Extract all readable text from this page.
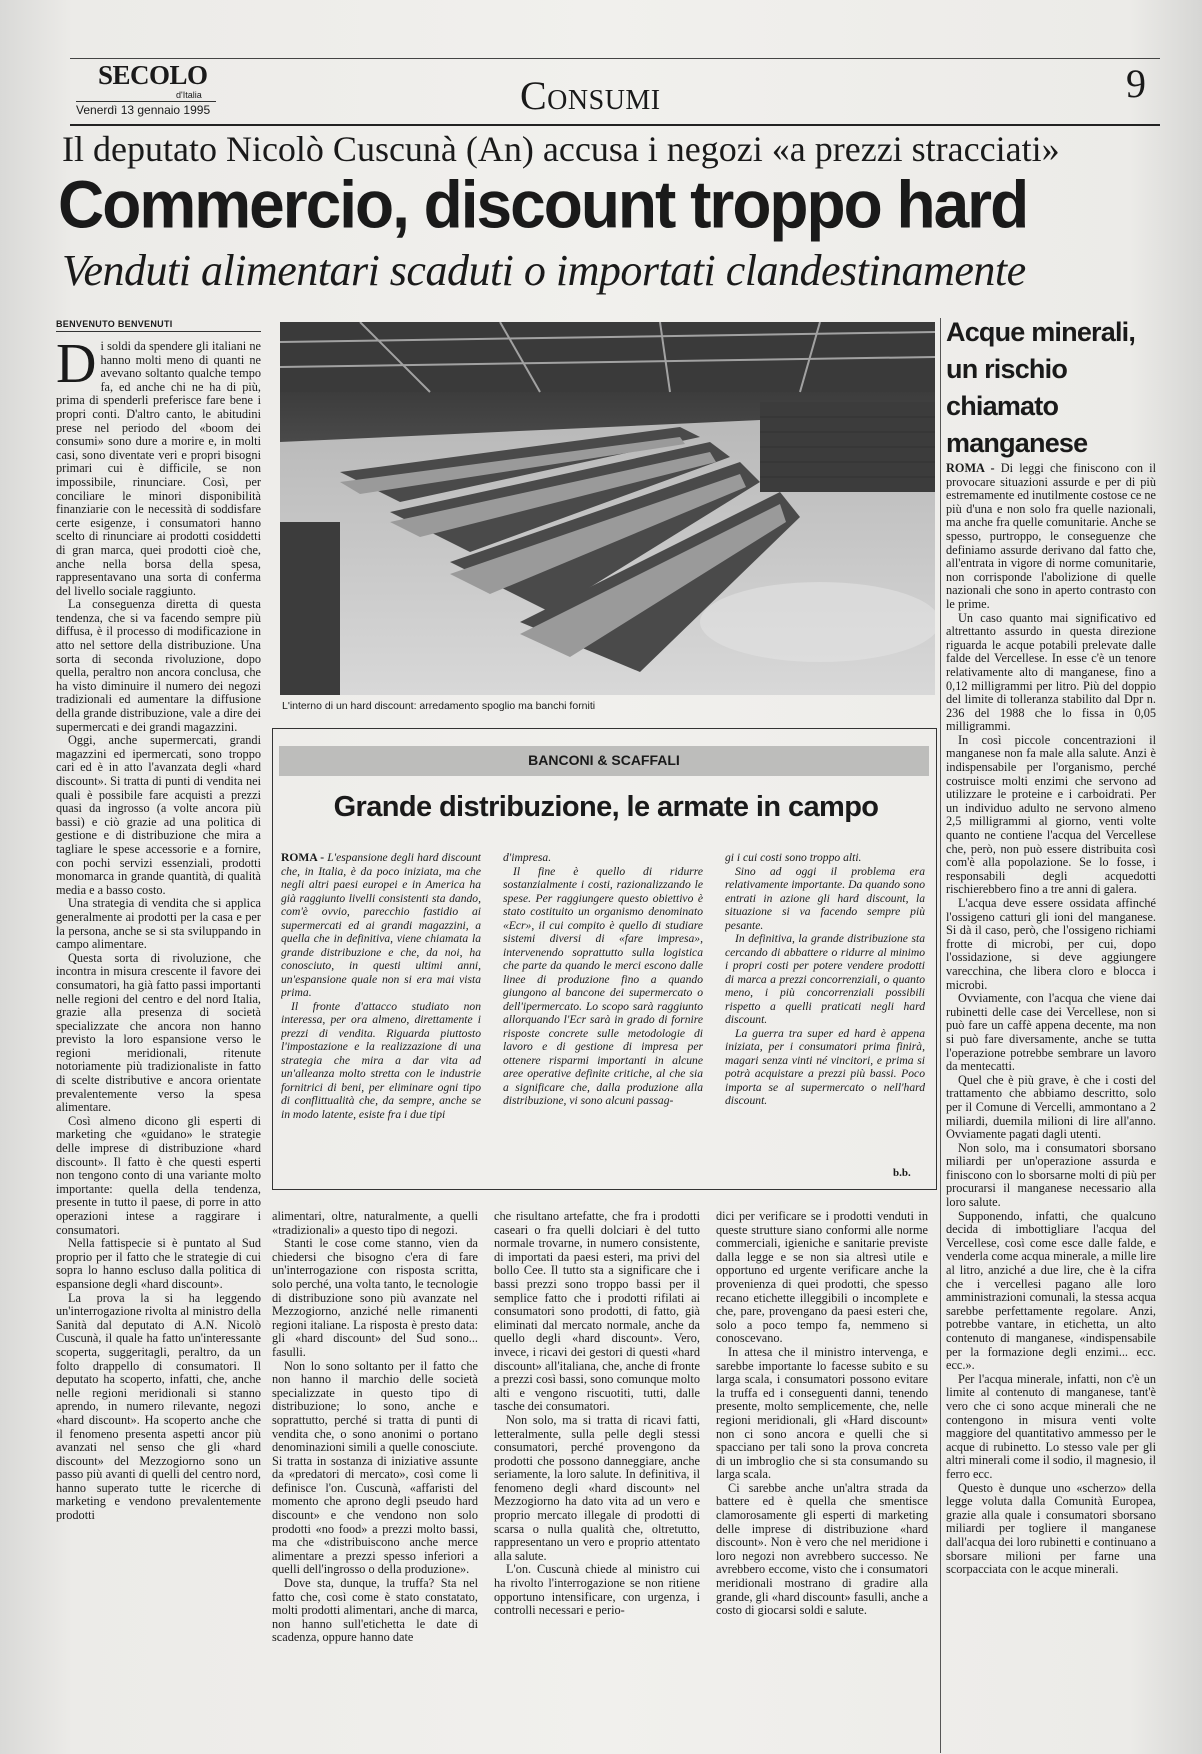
SECOLO
d'Italia
Venerdì 13 gennaio 1995	Consumi	9
Il deputato Nicolò Cuscunà (An) accusa i negozi «a prezzi stracciati»
Commercio, discount troppo hard
Venduti alimentari scaduti o importati clandestinamente
BENVENUTO BENVENUTI

Di soldi da spendere gli italiani ne hanno molti meno di quanti ne avevano soltanto qualche tempo fa, ed anche chi ne ha di più, prima di spenderli preferisce fare bene i propri conti. D'altro canto, le abitudini prese nel periodo del «boom dei consumi» sono dure a morire e, in molti casi, sono diventate veri e propri bisogni primari cui è difficile, se non impossibile, rinunciare. Così, per conciliare le minori disponibilità finanziarie con le necessità di soddisfare certe esigenze, i consumatori hanno scelto di rinunciare ai prodotti cosiddetti di gran marca, quei prodotti cioè che, anche nella borsa della spesa, rappresentavano una sorta di conferma del livello sociale raggiunto.

La conseguenza diretta di questa tendenza, che si va facendo sempre più diffusa, è il processo di modificazione in atto nel settore della distribuzione. Una sorta di seconda rivoluzione, dopo quella, peraltro non ancora conclusa, che ha visto diminuire il numero dei negozi tradizionali ed aumentare la diffusione della grande distribuzione, vale a dire dei supermercati e dei grandi magazzini.

Oggi, anche supermercati, grandi magazzini ed ipermercati, sono troppo cari ed è in atto l'avanzata degli «hard discount». Si tratta di punti di vendita nei quali è possibile fare acquisti a prezzi quasi da ingrosso (a volte ancora più bassi) e ciò grazie ad una politica di gestione e di distribuzione che mira a tagliare le spese accessorie e a fornire, con pochi servizi essenziali, prodotti monomarca in grande quantità, di qualità media e a basso costo.

Una strategia di vendita che si applica generalmente ai prodotti per la casa e per la persona, anche se si sta sviluppando in campo alimentare.

Questa sorta di rivoluzione, che incontra in misura crescente il favore dei consumatori, ha già fatto passi importanti nelle regioni del centro e del nord Italia, grazie alla presenza di società specializzate che ancora non hanno previsto la loro espansione verso le regioni meridionali, ritenute notoriamente più tradizionaliste in fatto di scelte distributive e ancora orientate prevalentemente verso la spesa alimentare.

Così almeno dicono gli esperti di marketing che «guidano» le strategie delle imprese di distribuzione «hard discount». Il fatto è che questi esperti non tengono conto di una variante molto importante: quella della tendenza, presente in tutto il paese, di porre in atto operazioni intese a raggirare i consumatori.

Nella fattispecie si è puntato al Sud proprio per il fatto che le strategie di cui sopra lo hanno escluso dalla politica di espansione degli «hard discount».

La prova la si ha leggendo un'interrogazione rivolta al ministro della Sanità dal deputato di A.N. Nicolò Cuscunà, il quale ha fatto un'interessante scoperta, suggeritagli, peraltro, da un folto drappello di consumatori. Il deputato ha scoperto, infatti, che, anche nelle regioni meridionali si stanno aprendo, in numero rilevante, negozi «hard discount». Ha scoperto anche che il fenomeno presenta aspetti ancor più avanzati nel senso che gli «hard discount» del Mezzogiorno sono un passo più avanti di quelli del centro nord, hanno superato tutte le ricerche di marketing e vendono prevalentemente prodotti

L'interno di un hard discount: arredamento spoglio ma banchi forniti
BANCONI & SCAFFALI
Grande distribuzione, le armate in campo

ROMA - L'espansione degli hard discount che, in Italia, è da poco iniziata, ma che negli altri paesi europei e in America ha già raggiunto livelli consistenti sta dando, com'è ovvio, parecchio fastidio ai supermercati ed ai grandi magazzini, a quella che in definitiva, viene chiamata la grande distribuzione e che, da noi, ha conosciuto, in questi ultimi anni, un'espansione quale non si era mai vista prima.

Il fronte d'attacco studiato non interessa, per ora almeno, direttamente i prezzi di vendita. Riguarda piuttosto l'impostazione e la realizzazione di una strategia che mira a dar vita ad un'alleanza molto stretta con le industrie fornitrici di beni, per eliminare ogni tipo di conflittualità che, da sempre, anche se in modo latente, esiste fra i due tipi

d'impresa.

Il fine è quello di ridurre sostanzialmente i costi, razionalizzando le spese. Per raggiungere questo obiettivo è stato costituito un organismo denominato «Ecr», il cui compito è quello di studiare sistemi diversi di «fare impresa», intervenendo soprattutto sulla logistica che parte da quando le merci escono dalle linee di produzione fino a quando giungono al bancone dei supermercato o dell'ipermercato. Lo scopo sarà raggiunto allorquando l'Ecr sarà in grado di fornire risposte concrete sulle metodologie di lavoro e di gestione di impresa per ottenere risparmi importanti in alcune aree operative definite critiche, al che sia a significare che, dalla produzione alla distribuzione, vi sono alcuni passag-

gi i cui costi sono troppo alti.

Sino ad oggi il problema era relativamente importante. Da quando sono entrati in azione gli hard discount, la situazione si va facendo sempre più pesante.

In definitiva, la grande distribuzione sta cercando di abbattere o ridurre al minimo i propri costi per potere vendere prodotti di marca a prezzi concorrenziali, o quanto meno, i più concorrenziali possibili rispetto a quelli praticati negli hard discount.

La guerra tra super ed hard è appena iniziata, per i consumatori prima finirà, magari senza vinti né vincitori, e prima si potrà acquistare a prezzi più bassi. Poco importa se al supermercato o nell'hard discount.

b.b.

alimentari, oltre, naturalmente, a quelli «tradizionali» a questo tipo di negozi.

Stanti le cose come stanno, vien da chiedersi che bisogno c'era di fare un'interrogazione con risposta scritta, solo perché, una volta tanto, le tecnologie di distribuzione sono più avanzate nel Mezzogiorno, anziché nelle rimanenti regioni italiane. La risposta è presto data: gli «hard discount» del Sud sono... fasulli.

Non lo sono soltanto per il fatto che non hanno il marchio delle società specializzate in questo tipo di distribuzione; lo sono, anche e soprattutto, perché si tratta di punti di vendita che, o sono anonimi o portano denominazioni simili a quelle conosciute. Si tratta in sostanza di iniziative assunte da «predatori di mercato», così come li definisce l'on. Cuscunà, «affaristi del momento che aprono degli pseudo hard discount» e che vendono non solo prodotti «no food» a prezzi molto bassi, ma che «distribuiscono anche merce alimentare a prezzi spesso inferiori a quelli dell'ingrosso o della produzione».

Dove sta, dunque, la truffa? Sta nel fatto che, così come è stato constatato, molti prodotti alimentari, anche di marca, non hanno sull'etichetta le date di scadenza, oppure hanno date

che risultano artefatte, che fra i prodotti caseari o fra quelli dolciari è del tutto normale trovarne, in numero consistente, di importati da paesi esteri, ma privi del bollo Cee. Il tutto sta a significare che i bassi prezzi sono troppo bassi per il semplice fatto che i prodotti rifilati ai consumatori sono prodotti, di fatto, già eliminati dal mercato normale, anche da quello degli «hard discount». Vero, invece, i ricavi dei gestori di questi «hard discount» all'italiana, che, anche di fronte a prezzi così bassi, sono comunque molto alti e vengono riscuotiti, tutti, dalle tasche dei consumatori.

Non solo, ma si tratta di ricavi fatti, letteralmente, sulla pelle degli stessi consumatori, perché provengono da prodotti che possono danneggiare, anche seriamente, la loro salute. In definitiva, il fenomeno degli «hard discount» nel Mezzogiorno ha dato vita ad un vero e proprio mercato illegale di prodotti di scarsa o nulla qualità che, oltretutto, rappresentano un vero e proprio attentato alla salute.

L'on. Cuscunà chiede al ministro cui ha rivolto l'interrogazione se non ritiene opportuno intensificare, con urgenza, i controlli necessari e perio-

dici per verificare se i prodotti venduti in queste strutture siano conformi alle norme commerciali, igieniche e sanitarie previste dalla legge e se non sia altresì utile e opportuno ed urgente verificare anche la provenienza di quei prodotti, che spesso recano etichette illeggibili o incomplete e che, pare, provengano da paesi esteri che, solo a poco tempo fa, nemmeno si conoscevano.

In attesa che il ministro intervenga, e sarebbe importante lo facesse subito e su larga scala, i consumatori possono evitare la truffa ed i conseguenti danni, tenendo presente, molto semplicemente, che, nelle regioni meridionali, gli «Hard discount» non ci sono ancora e quelli che si spacciano per tali sono la prova concreta di un imbroglio che si sta consumando su larga scala.

Ci sarebbe anche un'altra strada da battere ed è quella che smentisce clamorosamente gli esperti di marketing delle imprese di distribuzione «hard discount». Non è vero che nel meridione i loro negozi non avrebbero successo. Ne avrebbero eccome, visto che i consumatori meridionali mostrano di gradire alla grande, gli «hard discount» fasulli, anche a costo di giocarsi soldi e salute.

Acque minerali, un rischio chiamato manganese

ROMA - Di leggi che finiscono con il provocare situazioni assurde e per di più estremamente ed inutilmente costose ce ne più d'una e non solo fra quelle nazionali, ma anche fra quelle comunitarie. Anche se spesso, purtroppo, le conseguenze che definiamo assurde derivano dal fatto che, all'entrata in vigore di norme comunitarie, non corrisponde l'abolizione di quelle nazionali che sono in aperto contrasto con le prime.

Un caso quanto mai significativo ed altrettanto assurdo in questa direzione riguarda le acque potabili prelevate dalle falde del Vercellese. In esse c'è un tenore relativamente alto di manganese, fino a 0,12 milligrammi per litro. Più del doppio del limite di tolleranza stabilito dal Dpr n. 236 del 1988 che lo fissa in 0,05 milligrammi.

In così piccole concentrazioni il manganese non fa male alla salute. Anzi è indispensabile per l'organismo, perché costruisce molti enzimi che servono ad utilizzare le proteine e i carboidrati. Per un individuo adulto ne servono almeno 2,5 milligrammi al giorno, venti volte quanto ne contiene l'acqua del Vercellese che, però, non può essere distribuita così com'è alla popolazione. Se lo fosse, i responsabili degli acquedotti rischierebbero fino a tre anni di galera.

L'acqua deve essere ossidata affinché l'ossigeno catturi gli ioni del manganese. Si dà il caso, però, che l'ossigeno richiami frotte di microbi, per cui, dopo l'ossidazione, si deve aggiungere varecchina, che libera cloro e blocca i microbi.

Ovviamente, con l'acqua che viene dai rubinetti delle case dei Vercellese, non si può fare un caffè appena decente, ma non si può fare diversamente, anche se tutta l'operazione potrebbe sembrare un lavoro da mentecatti.

Quel che è più grave, è che i costi del trattamento che abbiamo descritto, solo per il Comune di Vercelli, ammontano a 2 miliardi, duemila milioni di lire all'anno. Ovviamente pagati dagli utenti.

Non solo, ma i consumatori sborsano miliardi per un'operazione assurda e finiscono con lo sborsarne molti di più per procurarsi il manganese necessario alla loro salute.

Supponendo, infatti, che qualcuno decida di imbottigliare l'acqua del Vercellese, così come esce dalle falde, e venderla come acqua minerale, a mille lire al litro, anziché a due lire, che è la cifra che i vercellesi pagano alle loro amministrazioni comunali, la stessa acqua sarebbe perfettamente regolare. Anzi, potrebbe vantare, in etichetta, un alto contenuto di manganese, «indispensabile per la formazione degli enzimi... ecc. ecc.».

Per l'acqua minerale, infatti, non c'è un limite al contenuto di manganese, tant'è vero che ci sono acque minerali che ne contengono in misura venti volte maggiore del quantitativo ammesso per le acque di rubinetto. Lo stesso vale per gli altri minerali come il sodio, il magnesio, il ferro ecc.

Questo è dunque uno «scherzo» della legge voluta dalla Comunità Europea, grazie alla quale i consumatori sborsano miliardi per togliere il manganese dall'acqua dei loro rubinetti e continuano a sborsare milioni per farne una scorpacciata con le acque minerali.
